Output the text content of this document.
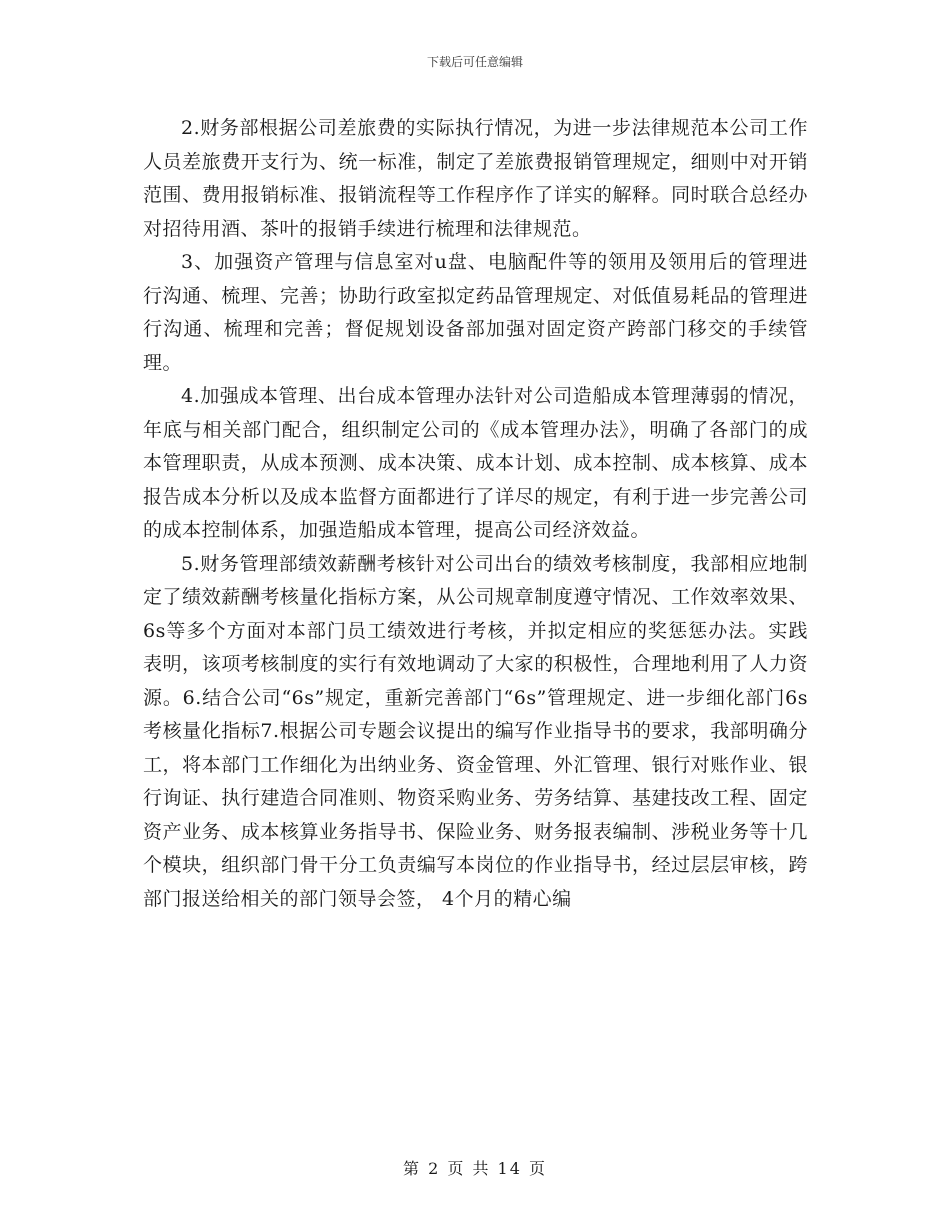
下载后可任意编辑

2.财务部根据公司差旅费的实际执行情况，为进一步法律规范本公司工作人员差旅费开支行为、统一标准，制定了差旅费报销管理规定，细则中对开销范围、费用报销标准、报销流程等工作程序作了详实的解释。同时联合总经办对招待用酒、茶叶的报销手续进行梳理和法律规范。

3、加强资产管理与信息室对u盘、电脑配件等的领用及领用后的管理进行沟通、梳理、完善；协助行政室拟定药品管理规定、对低值易耗品的管理进行沟通、梳理和完善；督促规划设备部加强对固定资产跨部门移交的手续管理。

4.加强成本管理、出台成本管理办法针对公司造船成本管理薄弱的情况，年底与相关部门配合，组织制定公司的《成本管理办法》，明确了各部门的成本管理职责，从成本预测、成本决策、成本计划、成本控制、成本核算、成本报告成本分析以及成本监督方面都进行了详尽的规定，有利于进一步完善公司的成本控制体系，加强造船成本管理，提高公司经济效益。

5.财务管理部绩效薪酬考核针对公司出台的绩效考核制度，我部相应地制定了绩效薪酬考核量化指标方案，从公司规章制度遵守情况、工作效率效果、6s等多个方面对本部门员工绩效进行考核，并拟定相应的奖惩惩办法。实践表明，该项考核制度的实行有效地调动了大家的积极性，合理地利用了人力资源。6.结合公司“6s”规定，重新完善部门“6s”管理规定、进一步细化部门6s考核量化指标7.根据公司专题会议提出的编写作业指导书的要求，我部明确分工，将本部门工作细化为出纳业务、资金管理、外汇管理、银行对账作业、银行询证、执行建造合同准则、物资采购业务、劳务结算、基建技改工程、固定资产业务、成本核算业务指导书、保险业务、财务报表编制、涉税业务等十几个模块，组织部门骨干分工负责编写本岗位的作业指导书，经过层层审核，跨部门报送给相关的部门领导会签， 4个月的精心编

第 2 页 共 14 页
